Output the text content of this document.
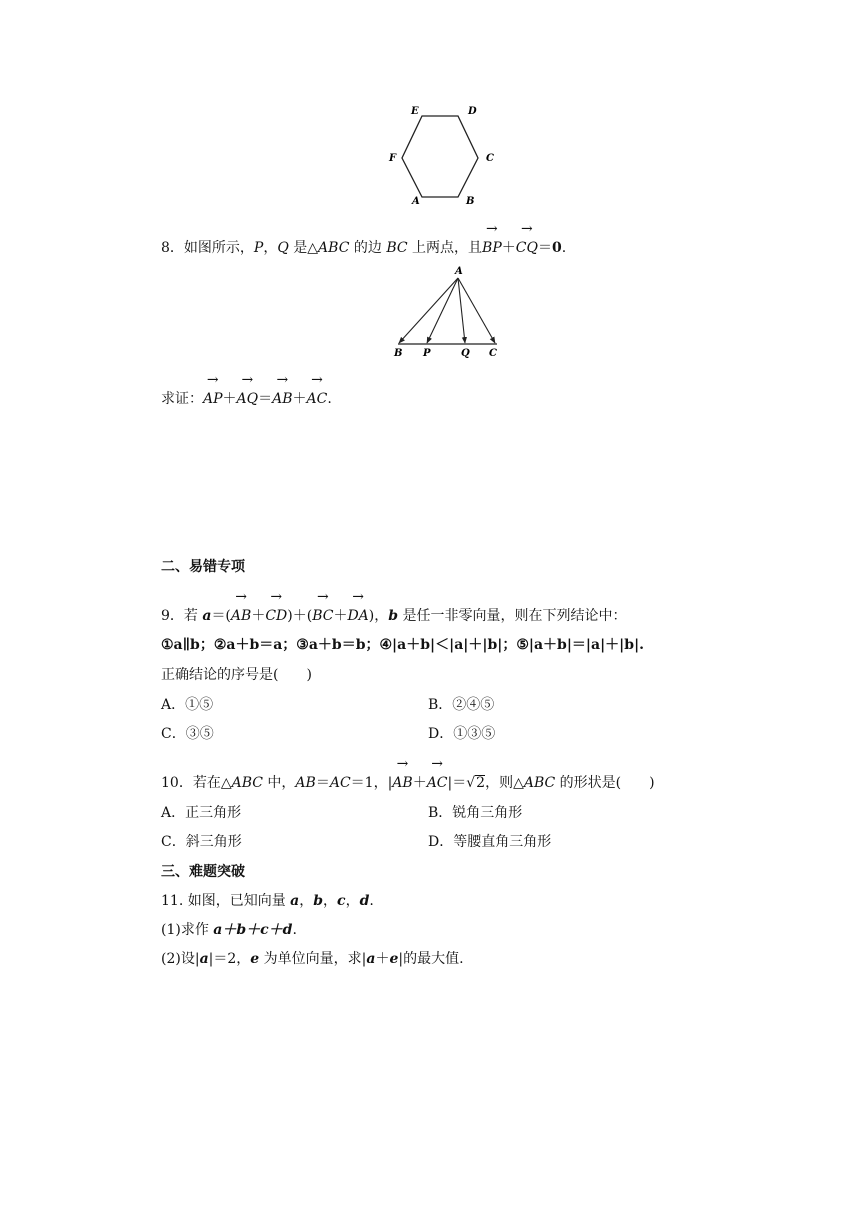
E	D
F	C
A	B
8．如图所示，P，Q 是△ABC 的边 BC 上两点，且→ BP＋→ CQ＝0.
A
B P	Q C
求证：→ AP＋→ AQ＝→ AB＋→ AC.
二、易错专项
9．若 a＝(→ AB＋→ CD)＋(→ BC＋→ DA)，b 是任一非零向量，则在下列结论中：
①a∥b；②a＋b＝a；③a＋b＝b；④|a＋b|＜|a|＋|b|；⑤|a＋b|＝|a|＋|b|.
正确结论的序号是(　　)
A．①⑤	B．②④⑤
C．③⑤	D．①③⑤
10．若在△ABC 中，AB＝AC＝1，|→ AB＋→ AC|＝√2，则△ABC 的形状是(　　)
A．正三角形	B．锐角三角形
C．斜三角形	D．等腰直角三角形
三、难题突破
11. 如图，已知向量 a，b，c，d.
(1)求作 a＋b＋c＋d.
(2)设|a|＝2，e 为单位向量，求|a＋e|的最大值.
